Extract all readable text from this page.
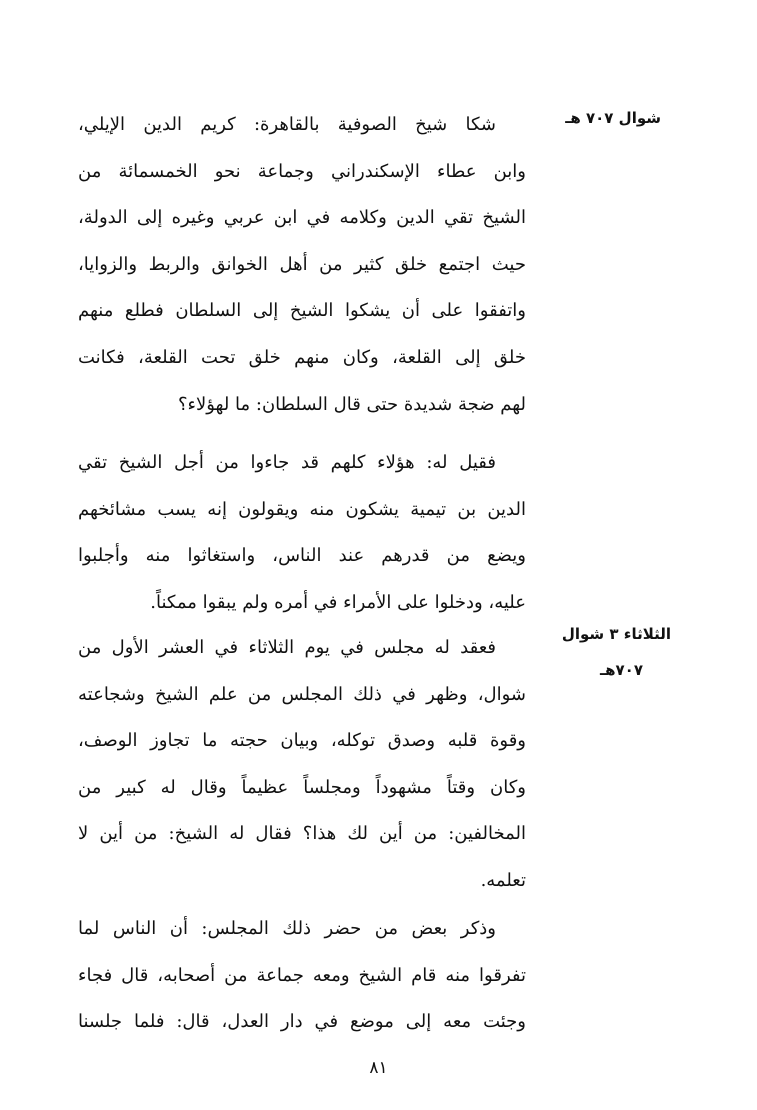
شوال ٧٠٧ هـ
الثلاثاء ٣ شوال
٧٠٧هـ
شكا شيخ الصوفية بالقاهرة: كريم الدين الإيلي،
وابن عطاء الإسكندراني وجماعة نحو الخمسمائة من
الشيخ تقي الدين وكلامه في ابن عربي وغيره إلى الدولة،
حيث اجتمع خلق كثير من أهل الخوانق والربط والزوايا،
واتفقوا على أن يشكوا الشيخ إلى السلطان فطلع منهم
خلق إلى القلعة، وكان منهم خلق تحت القلعة، فكانت
لهم ضجة شديدة حتى قال السلطان: ما لهؤلاء؟
فقيل له: هؤلاء كلهم قد جاءوا من أجل الشيخ تقي
الدين بن تيمية يشكون منه ويقولون إنه يسب مشائخهم
ويضع من قدرهم عند الناس، واستغاثوا منه وأجلبوا
عليه، ودخلوا على الأمراء في أمره ولم يبقوا ممكناً.
فعقد له مجلس في يوم الثلاثاء في العشر الأول من
شوال، وظهر في ذلك المجلس من علم الشيخ وشجاعته
وقوة قلبه وصدق توكله، وبيان حجته ما تجاوز الوصف،
وكان وقتاً مشهوداً ومجلساً عظيماً وقال له كبير من
المخالفين: من أين لك هذا؟ فقال له الشيخ: من أين لا
تعلمه.
وذكر بعض من حضر ذلك المجلس: أن الناس لما
تفرقوا منه قام الشيخ ومعه جماعة من أصحابه، قال فجاء
وجئت معه إلى موضع في دار العدل، قال: فلما جلسنا
٨١
